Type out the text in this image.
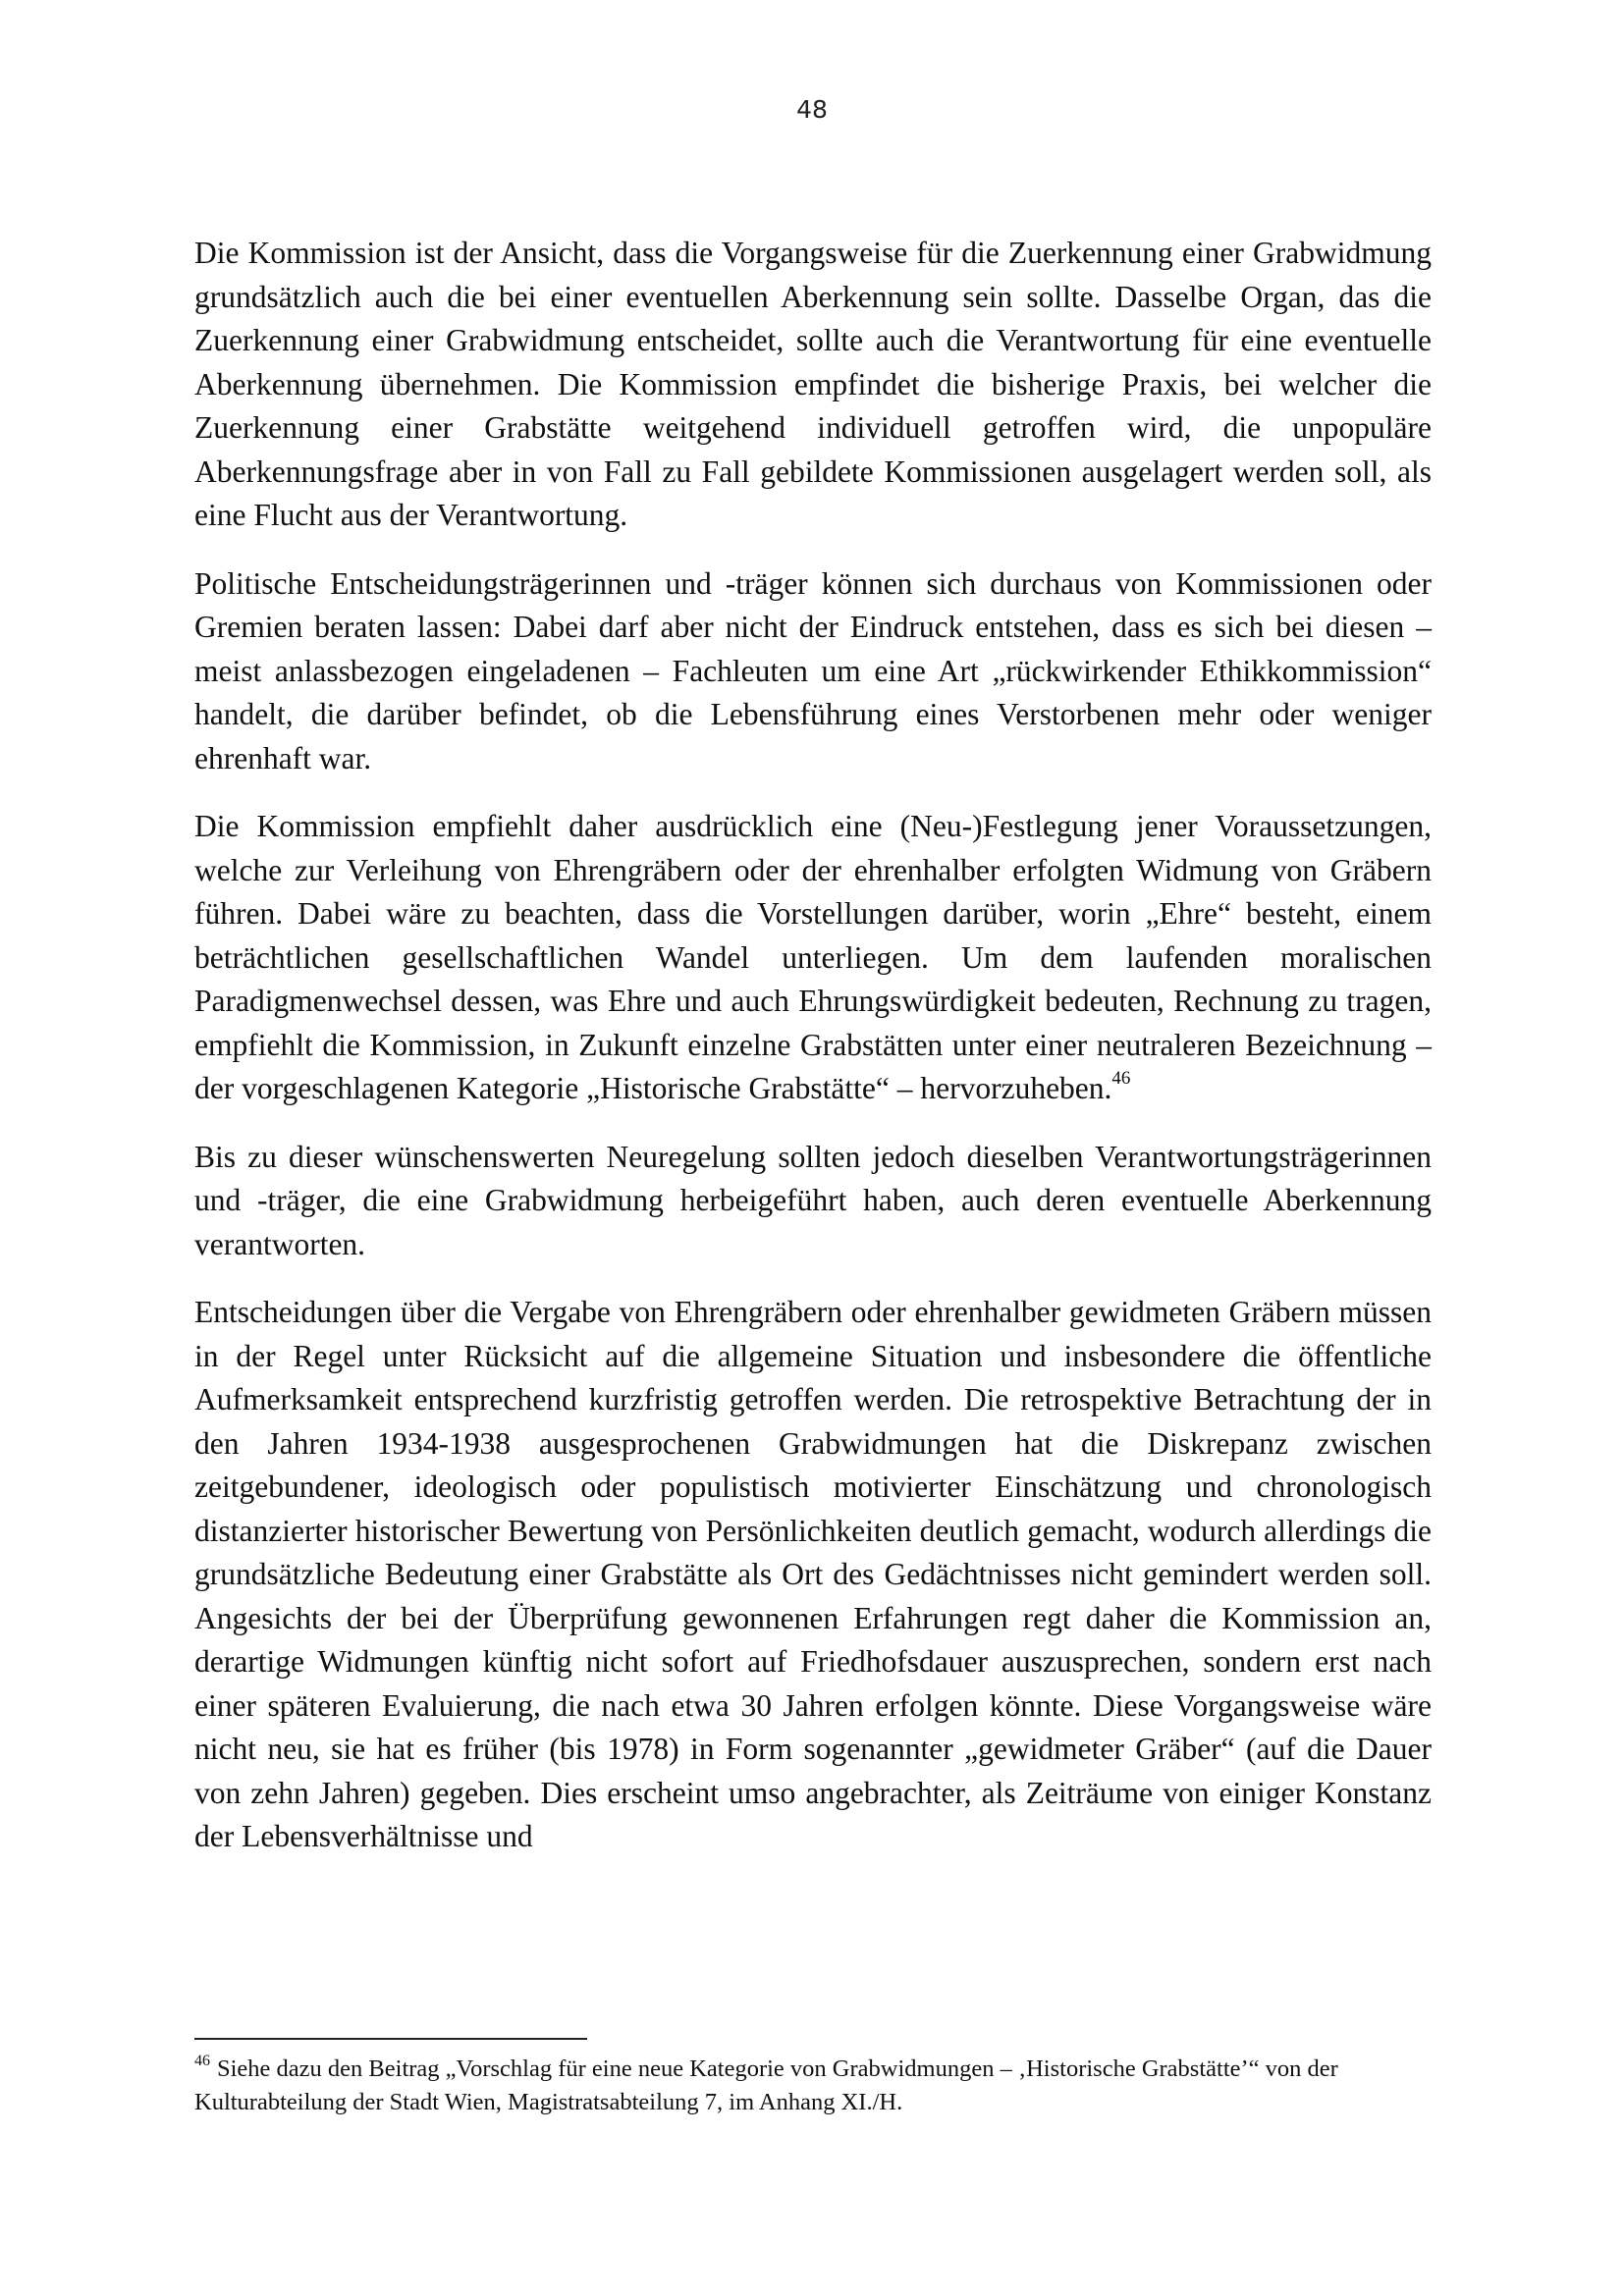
48

Die Kommission ist der Ansicht, dass die Vorgangsweise für die Zuerkennung einer Grabwidmung grundsätzlich auch die bei einer eventuellen Aberkennung sein sollte. Dasselbe Organ, das die Zuerkennung einer Grabwidmung entscheidet, sollte auch die Verantwortung für eine eventuelle Aberkennung übernehmen. Die Kommission empfindet die bisherige Praxis, bei welcher die Zuerkennung einer Grabstätte weitgehend individuell getroffen wird, die unpopuläre Aberkennungsfrage aber in von Fall zu Fall gebildete Kommissionen ausgelagert werden soll, als eine Flucht aus der Verantwortung.

Politische Entscheidungsträgerinnen und -träger können sich durchaus von Kommissionen oder Gremien beraten lassen: Dabei darf aber nicht der Eindruck entstehen, dass es sich bei diesen – meist anlassbezogen eingeladenen – Fachleuten um eine Art „rückwirkender Ethikkommission“ handelt, die darüber befindet, ob die Lebensführung eines Verstorbenen mehr oder weniger ehrenhaft war.

Die Kommission empfiehlt daher ausdrücklich eine (Neu-)Festlegung jener Voraussetzungen, welche zur Verleihung von Ehrengräbern oder der ehrenhalber erfolgten Widmung von Gräbern führen. Dabei wäre zu beachten, dass die Vorstellungen darüber, worin „Ehre“ besteht, einem beträchtlichen gesellschaftlichen Wandel unterliegen. Um dem laufenden moralischen Paradigmenwechsel dessen, was Ehre und auch Ehrungswürdigkeit bedeuten, Rechnung zu tragen, empfiehlt die Kommission, in Zukunft einzelne Grabstätten unter einer neutraleren Bezeichnung – der vorgeschlagenen Kategorie „Historische Grabstätte“ – hervorzuheben.$^{46}$

Bis zu dieser wünschenswerten Neuregelung sollten jedoch dieselben Verantwortungsträgerinnen und -träger, die eine Grabwidmung herbeigeführt haben, auch deren eventuelle Aberkennung verantworten.

Entscheidungen über die Vergabe von Ehrengräbern oder ehrenhalber gewidmeten Gräbern müssen in der Regel unter Rücksicht auf die allgemeine Situation und insbesondere die öffentliche Aufmerksamkeit entsprechend kurzfristig getroffen werden. Die retrospektive Betrachtung der in den Jahren 1934-1938 ausgesprochenen Grabwidmungen hat die Diskrepanz zwischen zeitgebundener, ideologisch oder populistisch motivierter Einschätzung und chronologisch distanzierter historischer Bewertung von Persönlichkeiten deutlich gemacht, wodurch allerdings die grundsätzliche Bedeutung einer Grabstätte als Ort des Gedächtnisses nicht gemindert werden soll. Angesichts der bei der Überprüfung gewonnenen Erfahrungen regt daher die Kommission an, derartige Widmungen künftig nicht sofort auf Friedhofsdauer auszusprechen, sondern erst nach einer späteren Evaluierung, die nach etwa 30 Jahren erfolgen könnte. Diese Vorgangsweise wäre nicht neu, sie hat es früher (bis 1978) in Form sogenannter „gewidmeter Gräber“ (auf die Dauer von zehn Jahren) gegeben. Dies erscheint umso angebrachter, als Zeiträume von einiger Konstanz der Lebensverhältnisse und

$^{46}$ Siehe dazu den Beitrag „Vorschlag für eine neue Kategorie von Grabwidmungen – ‚Historische Grabstätte’“ von der Kulturabteilung der Stadt Wien, Magistratsabteilung 7, im Anhang XI./H.
